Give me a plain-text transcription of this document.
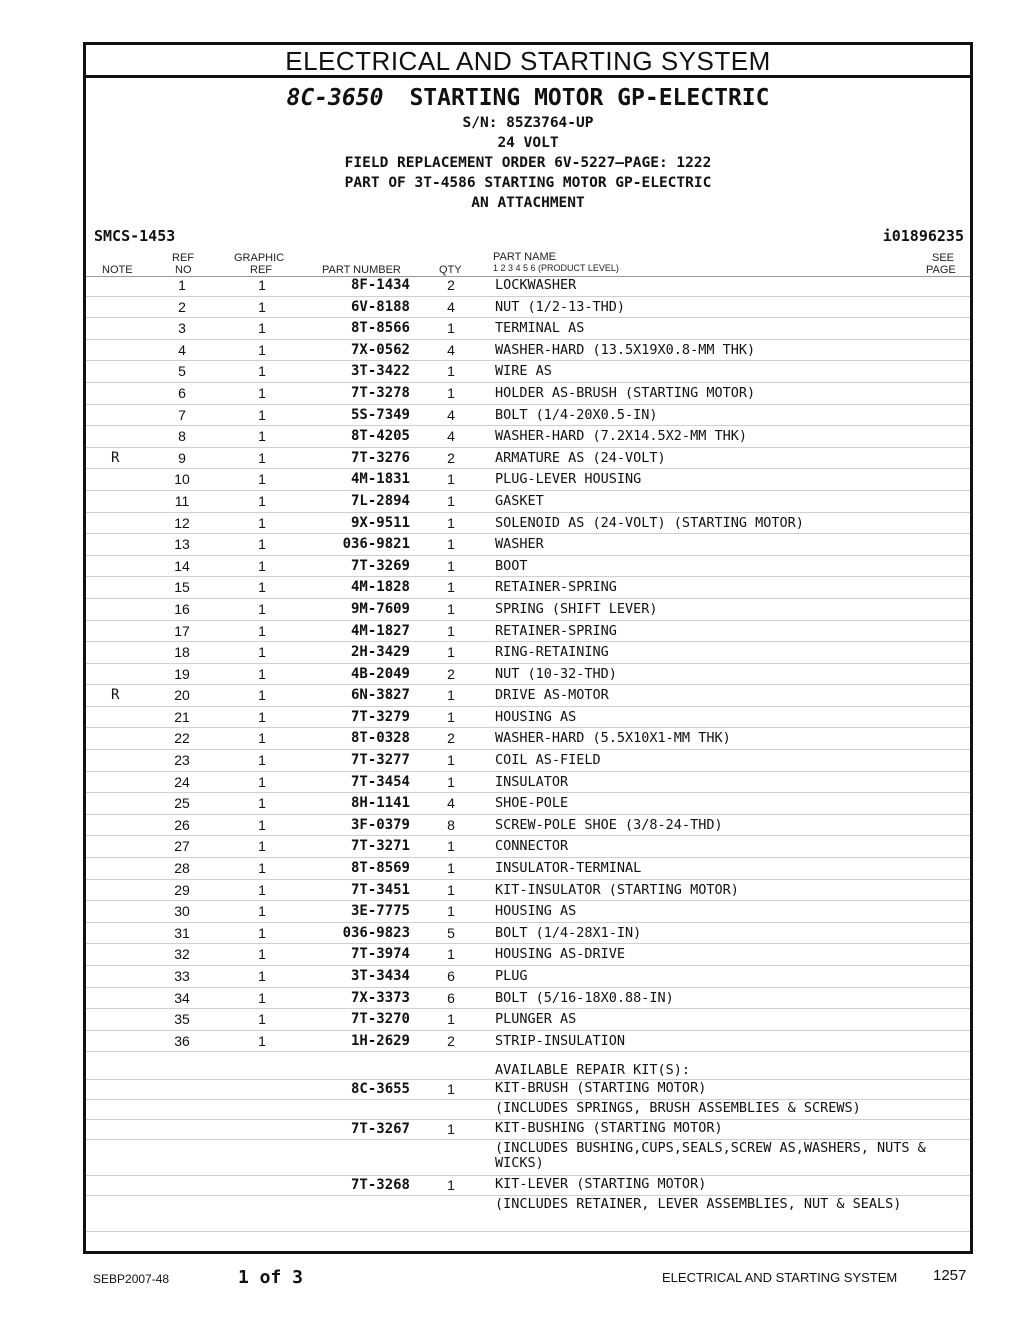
ELECTRICAL AND STARTING SYSTEM
8C-3650 STARTING MOTOR GP-ELECTRIC
S/N: 85Z3764-UP
24 VOLT
FIELD REPLACEMENT ORDER 6V-5227—PAGE: 1222
PART OF 3T-4586 STARTING MOTOR GP-ELECTRIC
AN ATTACHMENT
SMCS-1453	i01896235
NOTE
REF
NO
GRAPHIC
REF	PART NUMBER	QTY
PART NAME
1 2 3 4 5 6 (PRODUCT LEVEL)
SEE
PAGE
1	1	8F-1434	2	LOCKWASHER
2	1	6V-8188	4	NUT (1/2-13-THD)
3	1	8T-8566	1	TERMINAL AS
4	1	7X-0562	4	WASHER-HARD (13.5X19X0.8-MM THK)
5	1	3T-3422	1	WIRE AS
6	1	7T-3278	1	HOLDER AS-BRUSH (STARTING MOTOR)
7	1	5S-7349	4	BOLT (1/4-20X0.5-IN)
8	1	8T-4205	4	WASHER-HARD (7.2X14.5X2-MM THK)
R	9	1	7T-3276	2	ARMATURE AS (24-VOLT)
10	1	4M-1831	1	PLUG-LEVER HOUSING
11	1	7L-2894	1	GASKET
12	1	9X-9511	1	SOLENOID AS (24-VOLT) (STARTING MOTOR)
13	1	036-9821	1	WASHER
14	1	7T-3269	1	BOOT
15	1	4M-1828	1	RETAINER-SPRING
16	1	9M-7609	1	SPRING (SHIFT LEVER)
17	1	4M-1827	1	RETAINER-SPRING
18	1	2H-3429	1	RING-RETAINING
19	1	4B-2049	2	NUT (10-32-THD)
R	20	1	6N-3827	1	DRIVE AS-MOTOR
21	1	7T-3279	1	HOUSING AS
22	1	8T-0328	2	WASHER-HARD (5.5X10X1-MM THK)
23	1	7T-3277	1	COIL AS-FIELD
24	1	7T-3454	1	INSULATOR
25	1	8H-1141	4	SHOE-POLE
26	1	3F-0379	8	SCREW-POLE SHOE (3/8-24-THD)
27	1	7T-3271	1	CONNECTOR
28	1	8T-8569	1	INSULATOR-TERMINAL
29	1	7T-3451	1	KIT-INSULATOR (STARTING MOTOR)
30	1	3E-7775	1	HOUSING AS
31	1	036-9823	5	BOLT (1/4-28X1-IN)
32	1	7T-3974	1	HOUSING AS-DRIVE
33	1	3T-3434	6	PLUG
34	1	7X-3373	6	BOLT (5/16-18X0.88-IN)
35	1	7T-3270	1	PLUNGER AS
36	1	1H-2629	2	STRIP-INSULATION
AVAILABLE REPAIR KIT(S):
8C-3655	1	KIT-BRUSH (STARTING MOTOR)
(INCLUDES SPRINGS, BRUSH ASSEMBLIES & SCREWS)
7T-3267	1	KIT-BUSHING (STARTING MOTOR)
(INCLUDES BUSHING,CUPS,SEALS,SCREW AS,WASHERS, NUTS & WICKS)
7T-3268	1	KIT-LEVER (STARTING MOTOR)
(INCLUDES RETAINER, LEVER ASSEMBLIES, NUT & SEALS)
SEBP2007-48	1 of 3	ELECTRICAL AND STARTING SYSTEM 1257
